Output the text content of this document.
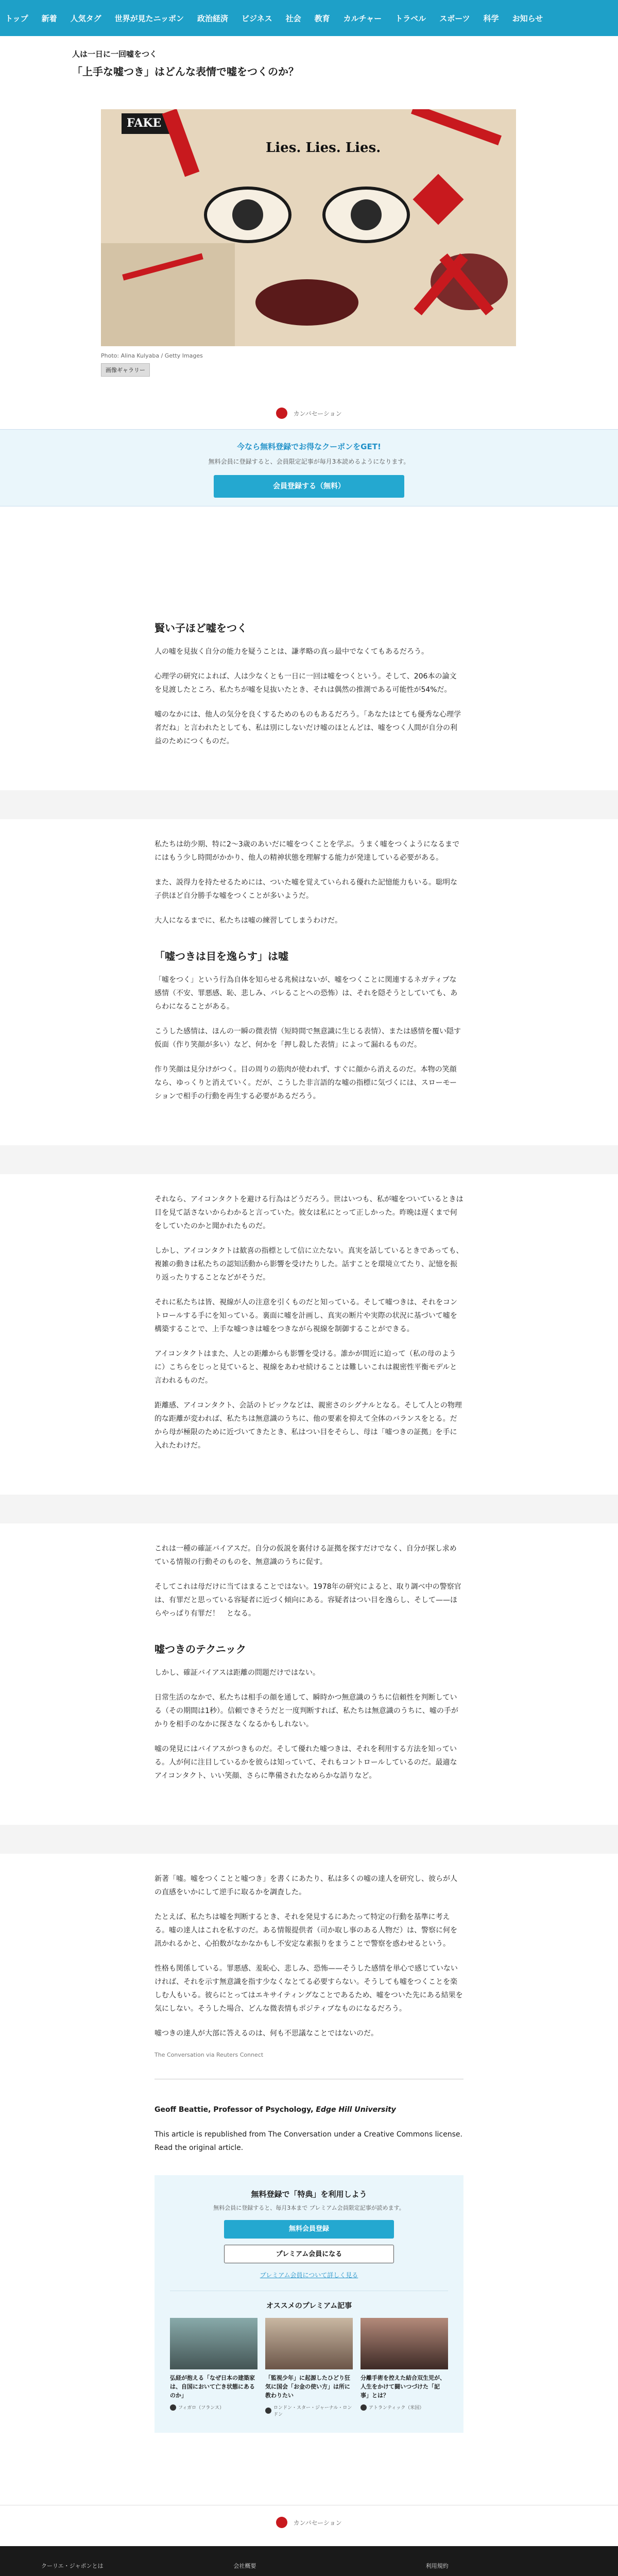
トップ 新着 人気タグ 世界が見たニッポン 政治経済 ビジネス 社会 教育 カルチャー トラベル スポーツ 科学 お知らせ
人は一日に一回嘘をつく
「上手な嘘つき」はどんな表情で嘘をつくのか？
FAKE
Lies. Lies. Lies.
Photo: Alina Kulyaba / Getty Images
画像ギャラリー
カンバセーション
今なら無料登録でお得なクーポンをGET!
無料会員に登録すると、会員限定記事が毎月3本読めるようになります。
会員登録する（無料）
賢い子ほど嘘をつく

人の嘘を見抜く自分の能力を疑うことは、謙孝略の真っ最中でなくてもあるだろう。

心理学の研究によれば、人は少なくとも一日に一回は嘘をつくという。そして、206本の論文を見渡したところ、私たちが嘘を見抜いたとき、それは偶然の推測である可能性が54%だ。

嘘のなかには、他人の気分を良くするためのものもあるだろう。「あなたはとても優秀な心理学者だね」と言われたとしても、私は別にしないだけ嘘のほとんどは、嘘をつく人間が自分の利益のためにつくものだ。

私たちは幼少期、特に2〜3歳のあいだに嘘をつくことを学ぶ。うまく嘘をつくようになるまでにはもう少し時間がかかり、他人の精神状態を理解する能力が発達している必要がある。

また、説得力を持たせるためには、ついた嘘を覚えていられる優れた記憶能力もいる。聡明な子供ほど自分勝手な嘘をつくことが多いようだ。

大人になるまでに、私たちは嘘の練習してしまうわけだ。

「嘘つきは目を逸らす」は嘘

「嘘をつく」という行為自体を知らせる兆候はないが、嘘をつくことに関連するネガティブな感情（不安、罪悪感、恥、悲しみ、バレることへの恐怖）は、それを隠そうとしていても、あらわになることがある。

こうした感情は、ほんの一瞬の微表情（短時間で無意識に生じる表情）、または感情を覆い隠す仮面（作り笑顔が多い）など、何かを「押し殺した表情」によって漏れるものだ。

作り笑顔は見分けがつく。目の周りの筋肉が使われず、すぐに顔から消えるのだ。本物の笑顔なら、ゆっくりと消えていく。だが、こうした非言語的な嘘の指標に気づくには、スローモーションで相手の行動を再生する必要があるだろう。

それなら、アイコンタクトを避ける行為はどうだろう。世はいつも、私が嘘をついているときは目を見て話さないからわかると言っていた。彼女は私にとって正しかった。昨晩は遅くまで何をしていたのかと聞かれたものだ。

しかし、アイコンタクトは歓喜の指標として信に立たない。真実を話しているときであっても、複雑の動きは私たちの認知活動から影響を受けたりした。話すことを環境立てたり、記憶を振り返ったりすることなどがそうだ。

それに私たちは皆、視線が人の注意を引くものだと知っている。そして嘘つきは、それをコントロールする手にを知っている。裏面に嘘を計画し、真実の断片や実際の状況に基づいて嘘を構築することで、上手な嘘つきは嘘をつきながら視線を制御することができる。

アイコンタクトはまた、人との距離からも影響を受ける。誰かが間近に迫って（私の母のように）こちらをじっと見ていると、視線をあわせ続けることは難しいこれは親密性平衡モデルと言われるものだ。

距離感、アイコンタクト、会話のトピックなどは、親密さのシグナルとなる。そして人との物理的な距離が変われば、私たちは無意識のうちに、他の要素を抑えて全体のバランスをとる。だから母が極限のために近づいてきたとき、私はつい目をそらし、母は「嘘つきの証拠」を手に入れたわけだ。

これは一種の確証バイアスだ。自分の仮説を裏付ける証拠を探すだけでなく、自分が探し求めている情報の行動そのものを、無意識のうちに促す。

そしてこれは母だけに当てはまることではない。1978年の研究によると、取り調べ中の警察官は、有罪だと思っている容疑者に近づく傾向にある。容疑者はつい目を逸らし、そして——ほらやっぱり有罪だ！　となる。

嘘つきのテクニック

しかし、確証バイアスは距離の問題だけではない。

日常生活のなかで、私たちは相手の顔を通して、瞬時かつ無意識のうちに信頼性を判断している（その期間は1秒）。信頼できそうだと一度判断すれば、私たちは無意識のうちに、嘘の手がかりを相手のなかに探さなくなるかもしれない。

嘘の発見にはバイアスがつきものだ。そして優れた嘘つきは、それを利用する方法を知っている。人が何に注目しているかを彼らは知っていて、それもコントロールしているのだ。最適なアイコンタクト、いい笑顔、さらに準備されたなめらかな語りなど。

新著「嘘。嘘をつくことと嘘つき」を書くにあたり、私は多くの嘘の達人を研究し、彼らが人の直感をいかにして逆手に取るかを調査した。

たとえば、私たちは嘘を判断するとき、それを発見するにあたって特定の行動を基準に考える。嘘の達人はこれを私すのだ。ある情報提供者（司か取し事のある人物だ）は、警察に何を訊かれるかと、心拍数がなかなかもし不安定な素振りをまうことで警察を惑わせるという。

性格も関係している。罪悪感、羞恥心、悲しみ、恐怖——そうした感情を単心で感じていないければ、それを示す無意識を指す少なくなとてる必要すらない。そうしても嘘をつくことを楽しむ人もいる。彼らにとってはエキサイティングなことであるため、嘘をついた先にある結果を気にしない。そうした場合、どんな微表情もポジティブなものになるだろう。

嘘つきの達人が大部に答えるのは、何も不思議なことではないのだ。

The Conversation via Reuters Connect
Geoff Beattie, Professor of Psychology, Edge Hill University
This article is republished from The Conversation under a Creative Commons license. Read the original article.
無料登録で「特典」を利用しよう
無料会員に登録すると、毎月3本まで プレミアム会員限定記事が読めます。
無料会員登録
プレミアム会員になる
プレミアム会員について詳しく見る
オススメのプレミアム記事
弘経が抱える「なぜ日本の建築家は、自国において亡き状態にあるのか」
フィガロ（フランス）
「監視少年」に起源したひどり狂気に国会「お金の使い方」は所に教わりたい
ロンドン・スター・ジャーナル・ロンドン
分離手術を控えた結合双生児が、人生をかけて闘いつづけた「記事」とは？
アトランティック（米国）
カンバセーション
クーリエ・ジャポンとは	会社概要	利用規約
